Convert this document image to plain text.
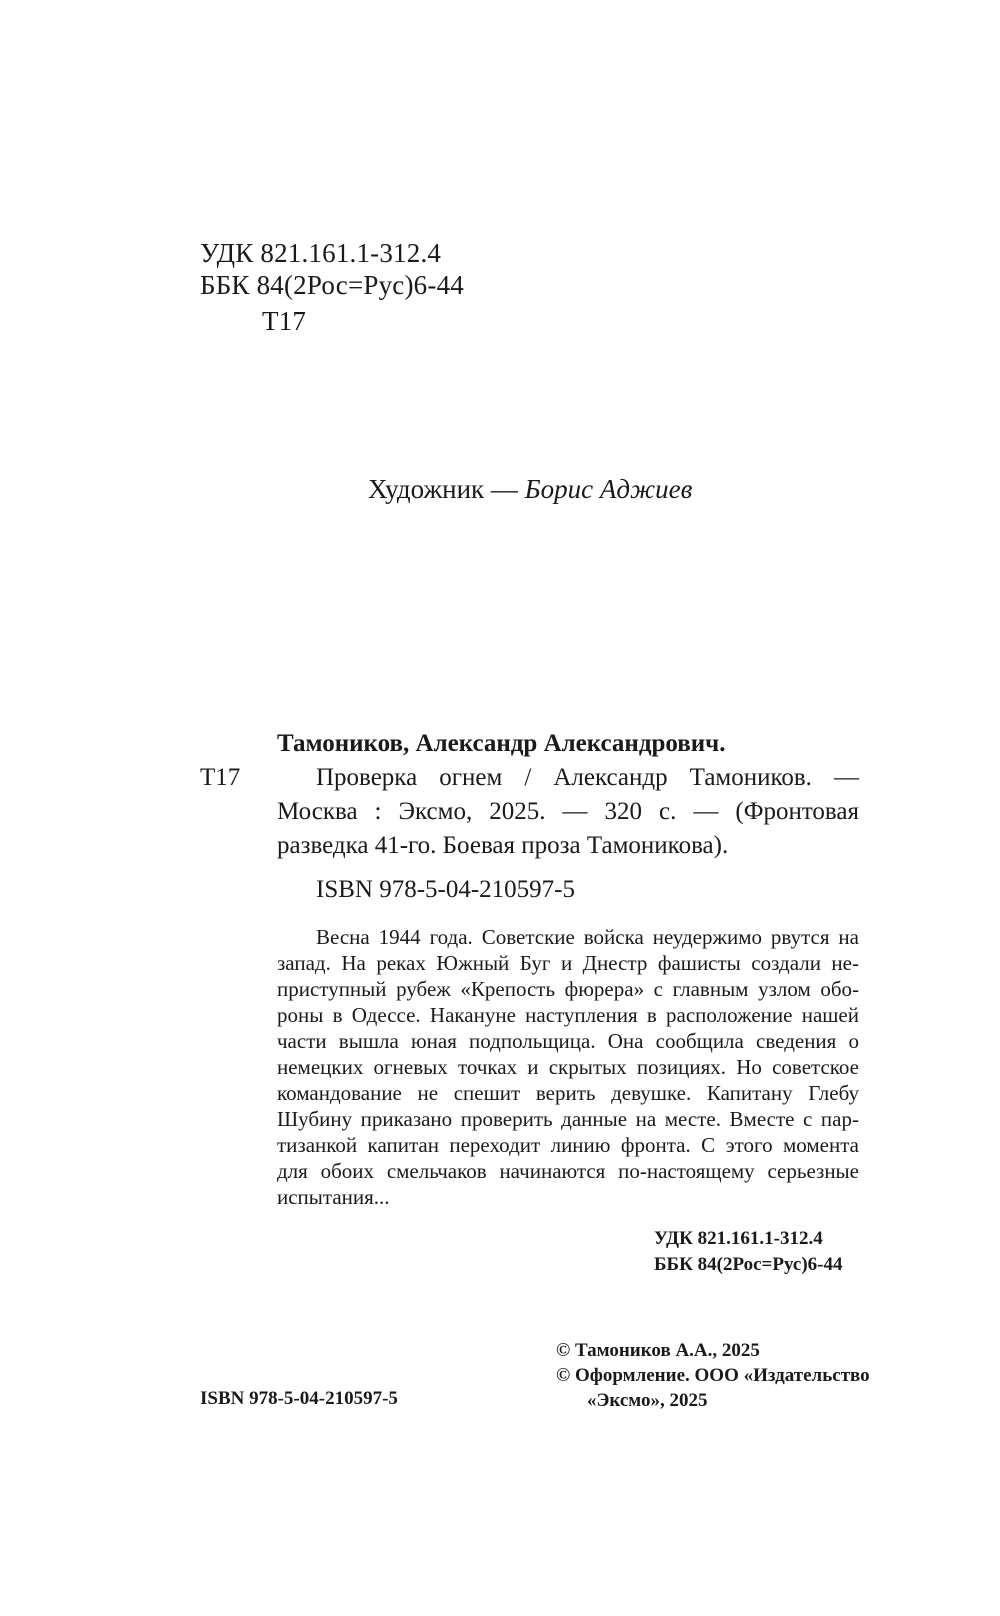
УДК 821.161.1-312.4
ББК 84(2Рос=Рус)6-44
Т17
Художник — Борис Аджиев
Тамоников, Александр Александрович.
Т17	Проверка огнем / Александр Тамоников. —
Москва : Эксмо, 2025. — 320 с. — (Фронтовая
разведка 41-го. Боевая проза Тамоникова).
ISBN 978-5-04-210597-5
Весна 1944 года. Советские войска неудержимо рвутся на
запад. На реках Южный Буг и Днестр фашисты создали не-
приступный рубеж «Крепость фюрера» с главным узлом обо-
роны в Одессе. Накануне наступления в расположение нашей
части вышла юная подпольщица. Она сообщила сведения о
немецких огневых точках и скрытых позициях. Но советское
командование не спешит верить девушке. Капитану Глебу
Шубину приказано проверить данные на месте. Вместе с пар-
тизанкой капитан переходит линию фронта. С этого момента
для обоих смельчаков начинаются по-настоящему серьезные
испытания...
УДК 821.161.1-312.4
ББК 84(2Рос=Рус)6-44
© Тамоников А.А., 2025
© Оформление. ООО «Издательство
«Эксмо», 2025
ISBN 978-5-04-210597-5
